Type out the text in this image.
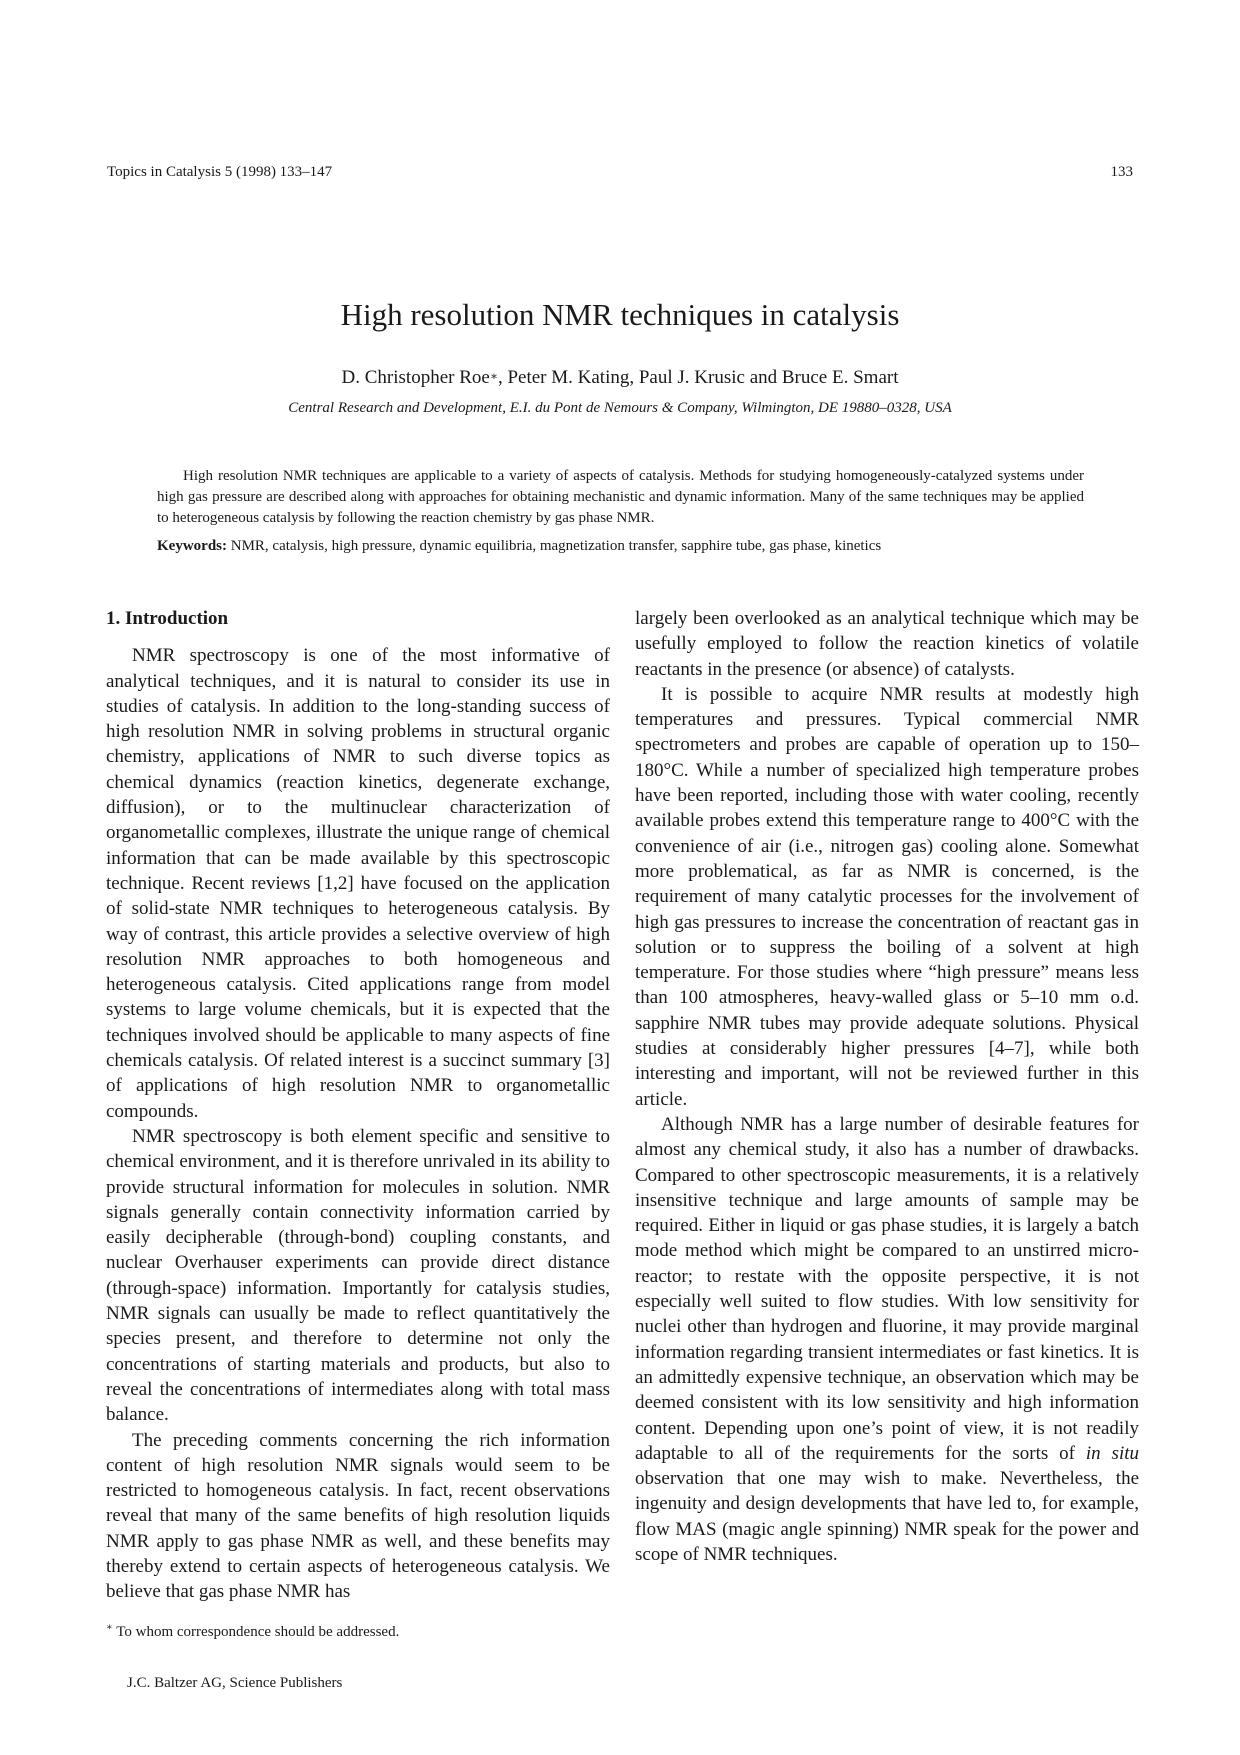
Topics in Catalysis 5 (1998) 133–147	133
High resolution NMR techniques in catalysis
D. Christopher Roe∗, Peter M. Kating, Paul J. Krusic and Bruce E. Smart
Central Research and Development, E.I. du Pont de Nemours & Company, Wilmington, DE 19880–0328, USA

High resolution NMR techniques are applicable to a variety of aspects of catalysis. Methods for studying homogeneously-catalyzed systems under high gas pressure are described along with approaches for obtaining mechanistic and dynamic information. Many of the same techniques may be applied to heterogeneous catalysis by following the reaction chemistry by gas phase NMR.

Keywords: NMR, catalysis, high pressure, dynamic equilibria, magnetization transfer, sapphire tube, gas phase, kinetics

1. Introduction

NMR spectroscopy is one of the most informative of analytical techniques, and it is natural to consider its use in studies of catalysis. In addition to the long-standing success of high resolution NMR in solving problems in structural organic chemistry, applications of NMR to such diverse topics as chemical dynamics (reaction kinetics, degenerate exchange, diffusion), or to the multinuclear characterization of organometallic complexes, illustrate the unique range of chemical information that can be made available by this spectroscopic technique. Recent reviews [1,2] have focused on the application of solid-state NMR techniques to heterogeneous catalysis. By way of contrast, this article provides a selective overview of high resolution NMR approaches to both homogeneous and heterogeneous catalysis. Cited applications range from model systems to large volume chemicals, but it is expected that the techniques involved should be applicable to many aspects of fine chemicals catalysis. Of related interest is a succinct summary [3] of applications of high resolution NMR to organometallic compounds.

NMR spectroscopy is both element specific and sensitive to chemical environment, and it is therefore unrivaled in its ability to provide structural information for molecules in solution. NMR signals generally contain connectivity information carried by easily decipherable (through-bond) coupling constants, and nuclear Overhauser experiments can provide direct distance (through-space) information. Importantly for catalysis studies, NMR signals can usually be made to reflect quantitatively the species present, and therefore to determine not only the concentrations of starting materials and products, but also to reveal the concentrations of intermediates along with total mass balance.

The preceding comments concerning the rich information content of high resolution NMR signals would seem to be restricted to homogeneous catalysis. In fact, recent observations reveal that many of the same benefits of high resolution liquids NMR apply to gas phase NMR as well, and these benefits may thereby extend to certain aspects of heterogeneous catalysis. We believe that gas phase NMR has

largely been overlooked as an analytical technique which may be usefully employed to follow the reaction kinetics of volatile reactants in the presence (or absence) of catalysts.

It is possible to acquire NMR results at modestly high temperatures and pressures. Typical commercial NMR spectrometers and probes are capable of operation up to 150–180°C. While a number of specialized high temperature probes have been reported, including those with water cooling, recently available probes extend this temperature range to 400°C with the convenience of air (i.e., nitrogen gas) cooling alone. Somewhat more problematical, as far as NMR is concerned, is the requirement of many catalytic processes for the involvement of high gas pressures to increase the concentration of reactant gas in solution or to suppress the boiling of a solvent at high temperature. For those studies where “high pressure” means less than 100 atmospheres, heavy-walled glass or 5–10 mm o.d. sapphire NMR tubes may provide adequate solutions. Physical studies at considerably higher pressures [4–7], while both interesting and important, will not be reviewed further in this article.

Although NMR has a large number of desirable features for almost any chemical study, it also has a number of drawbacks. Compared to other spectroscopic measurements, it is a relatively insensitive technique and large amounts of sample may be required. Either in liquid or gas phase studies, it is largely a batch mode method which might be compared to an unstirred micro-reactor; to restate with the opposite perspective, it is not especially well suited to flow studies. With low sensitivity for nuclei other than hydrogen and fluorine, it may provide marginal information regarding transient intermediates or fast kinetics. It is an admittedly expensive technique, an observation which may be deemed consistent with its low sensitivity and high information content. Depending upon one’s point of view, it is not readily adaptable to all of the requirements for the sorts of in situ observation that one may wish to make. Nevertheless, the ingenuity and design developments that have led to, for example, flow MAS (magic angle spinning) NMR speak for the power and scope of NMR techniques.

∗ To whom correspondence should be addressed.
J.C. Baltzer AG, Science Publishers
